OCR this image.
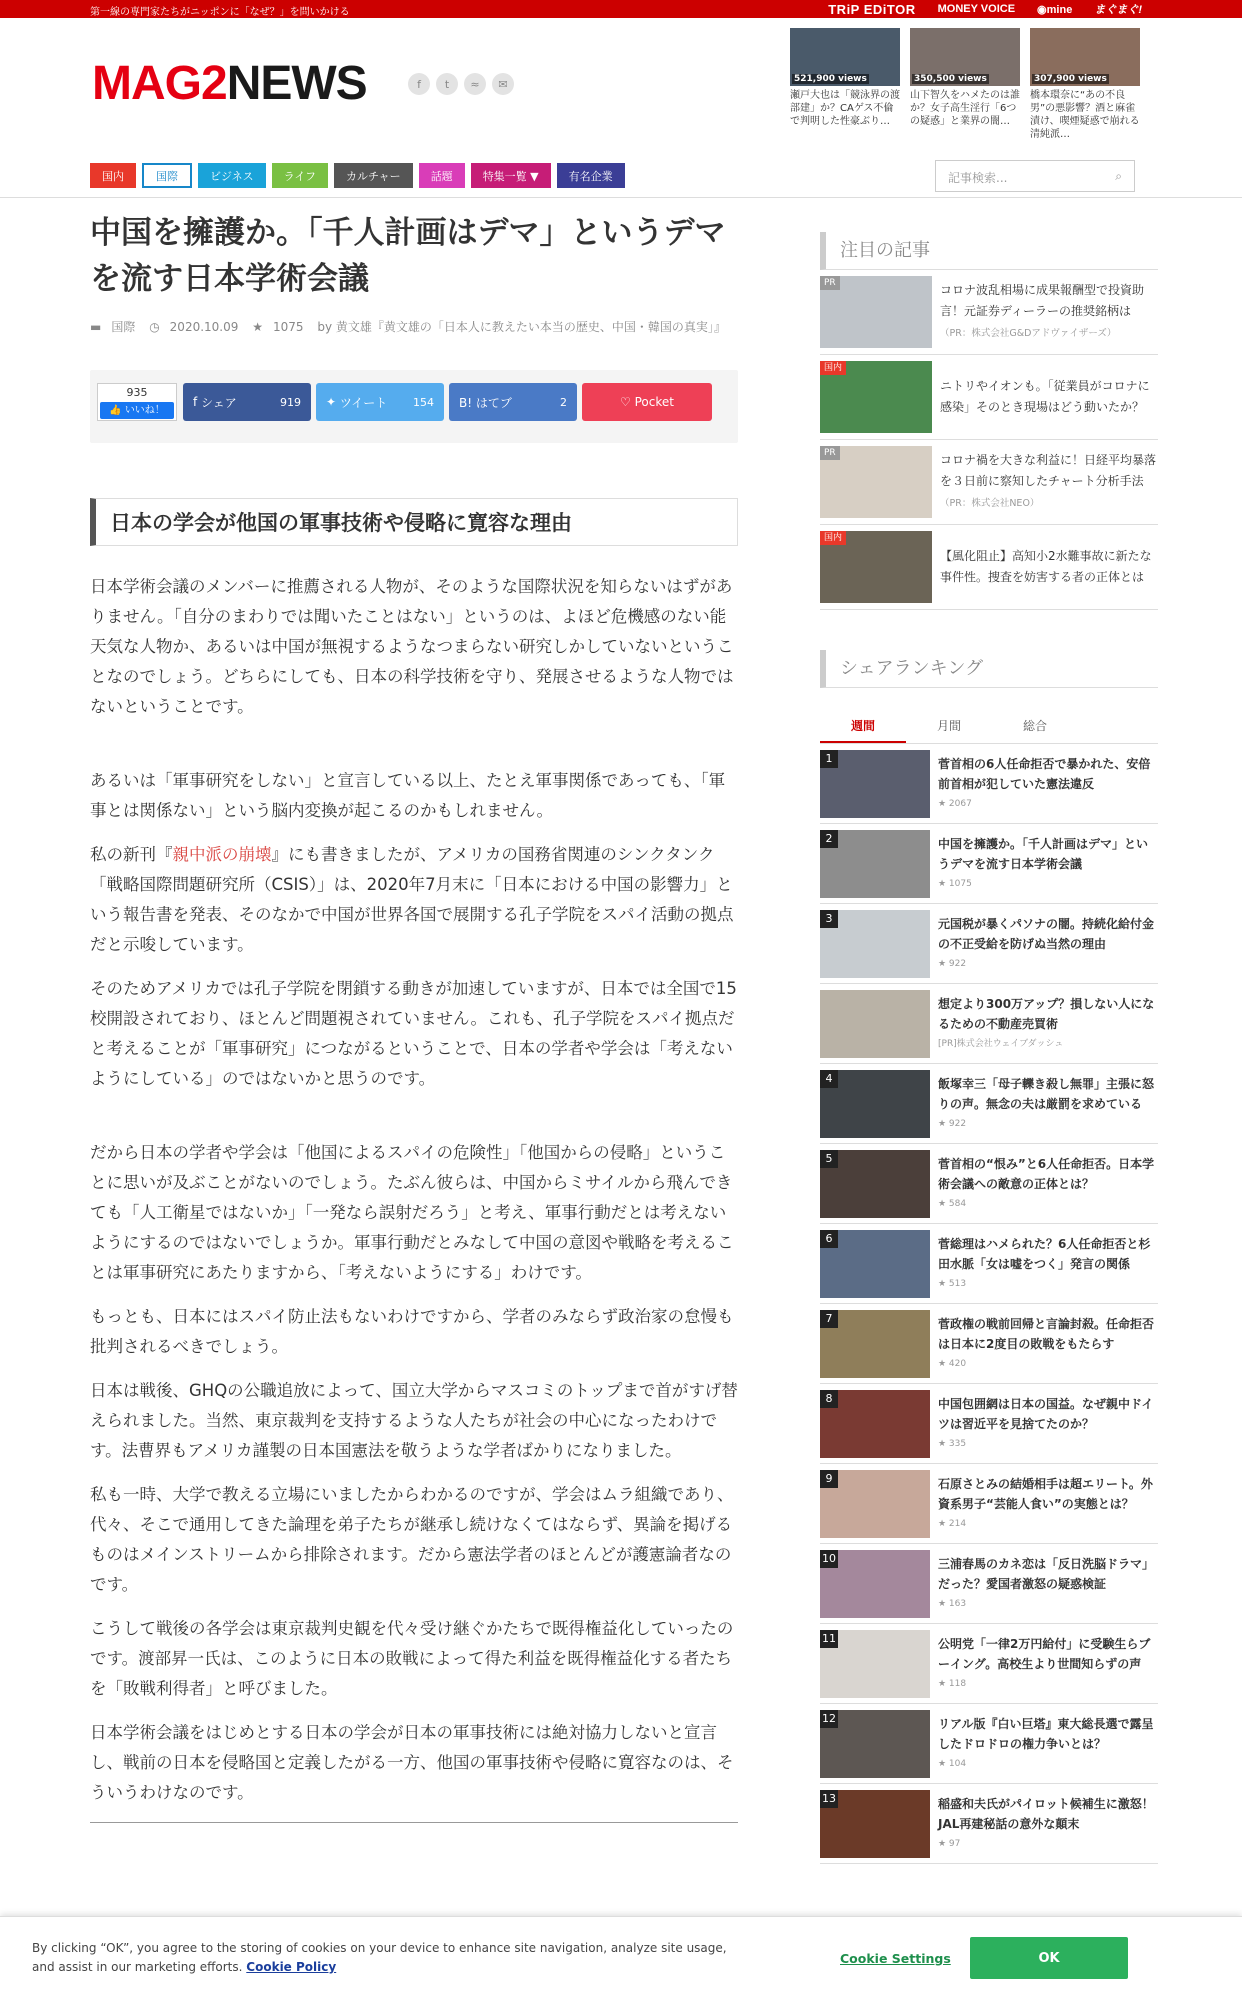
第一線の専門家たちがニッポンに「なぜ？」を問いかける	TRiP EDiTOR MONEY VOICE ◉mine まぐまぐ!
MAG2NEWS	f	t	≈	✉	521,900 views
瀬戸大也は「競泳界の渡部建」か？CAゲス不倫で判明した性豪ぶり…
350,500 views
山下智久をハメたのは誰か？女子高生淫行「6つの疑惑」と業界の闇…
307,900 views
橋本環奈に“あの不良男”の悪影響？酒と麻雀漬け、喫煙疑惑で崩れる清純派…
国内	国際	ビジネス	ライフ	カルチャー	話題	特集一覧 ▼	有名企業	記事検索...	⌕
中国を擁護か。「千人計画はデマ」というデマを流す日本学術会議
▬ 国際 ◷ 2020.10.09 ★ 1075 by 黄文雄『黄文雄の「日本人に教えたい本当の歴史、中国・韓国の真実」』
935
👍 いいね！
f シェア	919 ✦ ツイート 154 B! はてブ	2	♡ Pocket
日本の学会が他国の軍事技術や侵略に寛容な理由

日本学術会議のメンバーに推薦される人物が、そのような国際状況を知らないはずがありません。「自分のまわりでは聞いたことはない」というのは、よほど危機感のない能天気な人物か、あるいは中国が無視するようなつまらない研究しかしていないということなのでしょう。どちらにしても、日本の科学技術を守り、発展させるような人物ではないということです。

あるいは「軍事研究をしない」と宣言している以上、たとえ軍事関係であっても、「軍事とは関係ない」という脳内変換が起こるのかもしれません。

私の新刊『親中派の崩壊』にも書きましたが、アメリカの国務省関連のシンクタンク「戦略国際問題研究所（CSIS）」は、2020年7月末に「日本における中国の影響力」という報告書を発表、そのなかで中国が世界各国で展開する孔子学院をスパイ活動の拠点だと示唆しています。

そのためアメリカでは孔子学院を閉鎖する動きが加速していますが、日本では全国で15校開設されており、ほとんど問題視されていません。これも、孔子学院をスパイ拠点だと考えることが「軍事研究」につながるということで、日本の学者や学会は「考えないようにしている」のではないかと思うのです。

だから日本の学者や学会は「他国によるスパイの危険性」「他国からの侵略」ということに思いが及ぶことがないのでしょう。たぶん彼らは、中国からミサイルから飛んできても「人工衛星ではないか」「一発なら誤射だろう」と考え、軍事行動だとは考えないようにするのではないでしょうか。軍事行動だとみなして中国の意図や戦略を考えることは軍事研究にあたりますから、「考えないようにする」わけです。

もっとも、日本にはスパイ防止法もないわけですから、学者のみならず政治家の怠慢も批判されるべきでしょう。

日本は戦後、GHQの公職追放によって、国立大学からマスコミのトップまで首がすげ替えられました。当然、東京裁判を支持するような人たちが社会の中心になったわけです。法曹界もアメリカ謹製の日本国憲法を敬うような学者ばかりになりました。

私も一時、大学で教える立場にいましたからわかるのですが、学会はムラ組織であり、代々、そこで通用してきた論理を弟子たちが継承し続けなくてはならず、異論を掲げるものはメインストリームから排除されます。だから憲法学者のほとんどが護憲論者なのです。

こうして戦後の各学会は東京裁判史観を代々受け継ぐかたちで既得権益化していったのです。渡部昇一氏は、このように日本の敗戦によって得た利益を既得権益化する者たちを「敗戦利得者」と呼びました。

日本学術会議をはじめとする日本の学会が日本の軍事技術には絶対協力しないと宣言し、戦前の日本を侵略国と定義したがる一方、他国の軍事技術や侵略に寛容なのは、そういうわけなのです。

注目の記事
PR	コロナ波乱相場に成果報酬型で投資助言！元証券ディーラーの推奨銘柄は（PR：株式会社G&Dアドヴァイザーズ）
国内
ニトリやイオンも。「従業員がコロナに感染」そのとき現場はどう動いたか？
PR	コロナ禍を大きな利益に！日経平均暴落を３日前に察知したチャート分析手法（PR：株式会社NEO）
国内
【風化阻止】高知小2水難事故に新たな事件性。捜査を妨害する者の正体とは
シェアランキング
週間	月間	総合
1	菅首相の6人任命拒否で暴かれた、安倍前首相が犯していた憲法違反
★ 2067
2	中国を擁護か。「千人計画はデマ」というデマを流す日本学術会議
★ 1075
3	元国税が暴くパソナの闇。持続化給付金の不正受給を防げぬ当然の理由
★ 922
想定より300万アップ？損しない人になるための不動産売買術
[PR]株式会社ウェイブダッシュ
4	飯塚幸三「母子轢き殺し無罪」主張に怒りの声。無念の夫は厳罰を求めている
★ 922
5	菅首相の“恨み”と6人任命拒否。日本学術会議への敵意の正体とは？
★ 584
6	菅総理はハメられた？6人任命拒否と杉田水脈「女は嘘をつく」発言の関係
★ 513
7	菅政権の戦前回帰と言論封殺。任命拒否は日本に2度目の敗戦をもたらす
★ 420
8	中国包囲網は日本の国益。なぜ親中ドイツは習近平を見捨てたのか？
★ 335
9	石原さとみの結婚相手は超エリート。外資系男子“芸能人食い”の実態とは？
★ 214
10	三浦春馬のカネ恋は「反日洗脳ドラマ」だった？愛国者激怒の疑惑検証
★ 163
11	公明党「一律2万円給付」に受験生らブーイング。高校生より世間知らずの声
★ 118
12	リアル版『白い巨塔』東大総長選で露呈したドロドロの権力争いとは？
★ 104
13	稲盛和夫氏がパイロット候補生に激怒！JAL再建秘話の意外な顛末
★ 97
By clicking “OK”, you agree to the storing of cookies on your device to enhance site navigation, analyze site usage, and assist in our marketing efforts. Cookie Policy
Cookie Settings	OK
